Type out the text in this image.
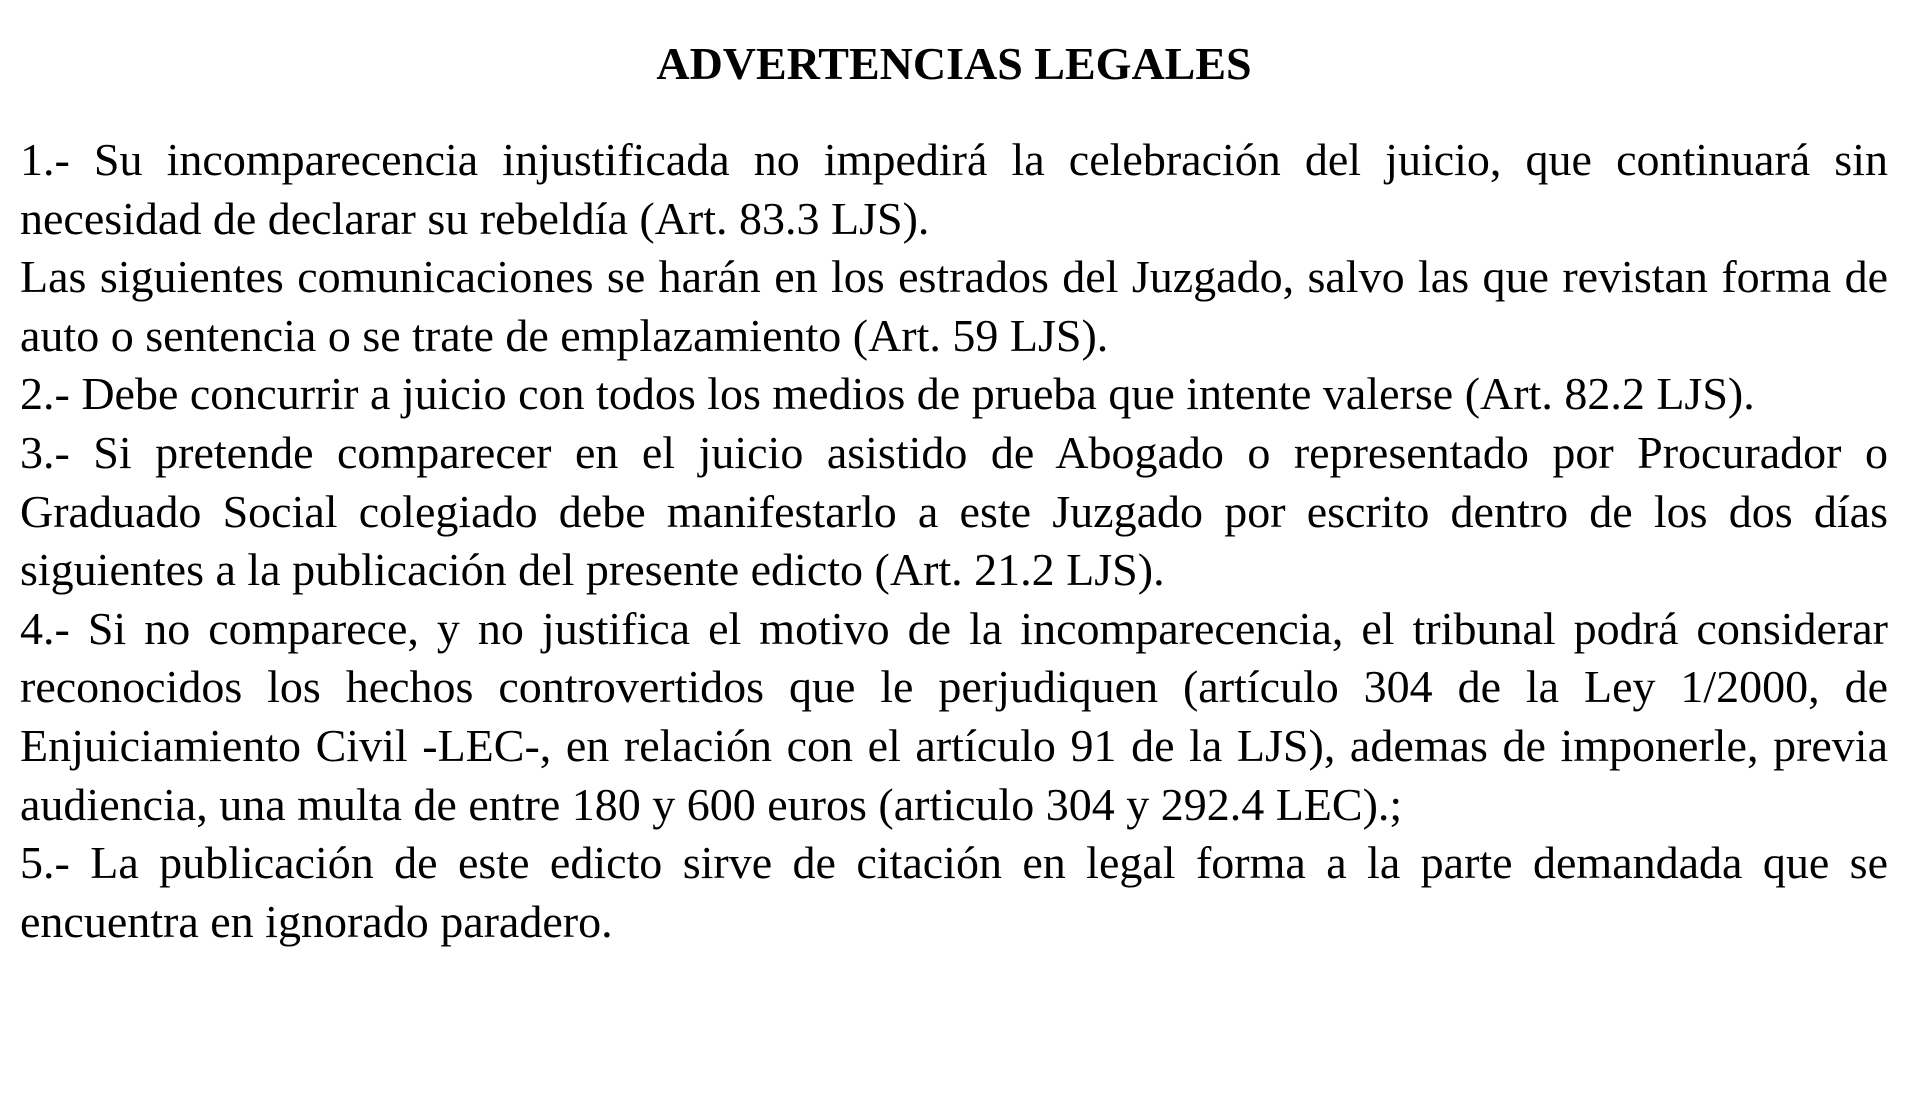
ADVERTENCIAS LEGALES

1.- Su incomparecencia injustificada no impedirá la celebración del juicio, que continuará sin necesidad de declarar su rebeldía (Art. 83.3 LJS).

Las siguientes comunicaciones se harán en los estrados del Juzgado, salvo las que revistan forma de auto o sentencia o se trate de emplazamiento (Art. 59 LJS).

2.- Debe concurrir a juicio con todos los medios de prueba que intente valerse (Art. 82.2 LJS).

3.- Si pretende comparecer en el juicio asistido de Abogado o representado por Procurador o Graduado Social colegiado debe manifestarlo a este Juzgado por escrito dentro de los dos días siguientes a la publicación del presente edicto (Art. 21.2 LJS).

4.- Si no comparece, y no justifica el motivo de la incomparecencia, el tribunal podrá considerar reconocidos los hechos controvertidos que le perjudiquen (artículo 304 de la Ley 1/2000, de Enjuiciamiento Civil -LEC-, en relación con el artículo 91 de la LJS), ademas de imponerle, previa audiencia, una multa de entre 180 y 600 euros (articulo 304 y 292.4 LEC).;

5.- La publicación de este edicto sirve de citación en legal forma a la parte demandada que se encuentra en ignorado paradero.
